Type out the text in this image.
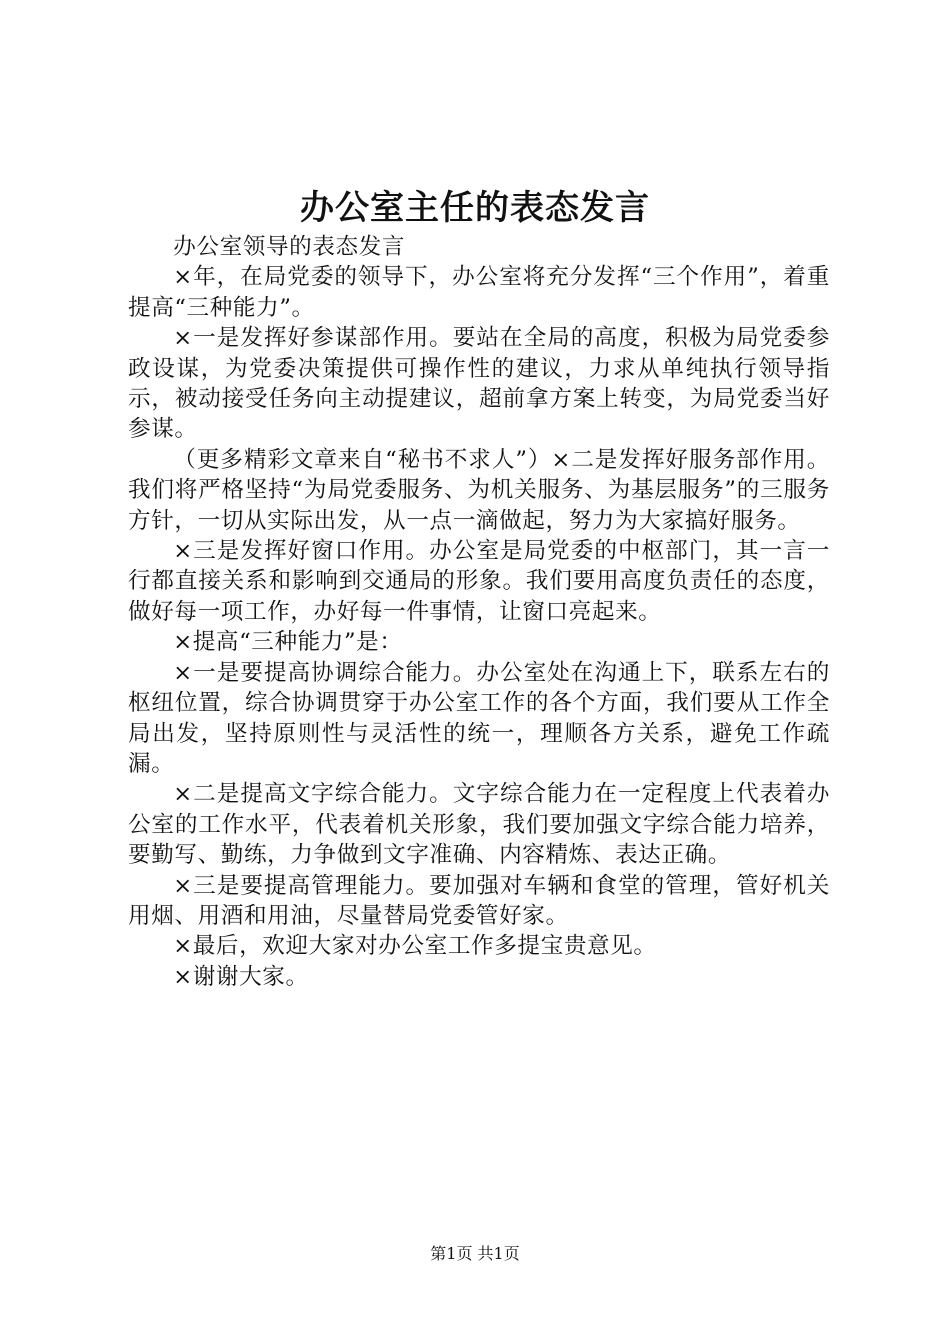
办公室主任的表态发言

办公室领导的表态发言

×年，在局党委的领导下，办公室将充分发挥“三个作用”，着重提高“三种能力”。

×一是发挥好参谋部作用。要站在全局的高度，积极为局党委参政设谋，为党委决策提供可操作性的建议，力求从单纯执行领导指示，被动接受任务向主动提建议，超前拿方案上转变，为局党委当好参谋。

（更多精彩文章来自“秘书不求人”）×二是发挥好服务部作用。我们将严格坚持“为局党委服务、为机关服务、为基层服务”的三服务方针，一切从实际出发，从一点一滴做起，努力为大家搞好服务。

×三是发挥好窗口作用。办公室是局党委的中枢部门，其一言一行都直接关系和影响到交通局的形象。我们要用高度负责任的态度，做好每一项工作，办好每一件事情，让窗口亮起来。

×提高“三种能力”是：

×一是要提高协调综合能力。办公室处在沟通上下，联系左右的枢纽位置，综合协调贯穿于办公室工作的各个方面，我们要从工作全局出发，坚持原则性与灵活性的统一，理顺各方关系，避免工作疏漏。

×二是提高文字综合能力。文字综合能力在一定程度上代表着办公室的工作水平，代表着机关形象，我们要加强文字综合能力培养，要勤写、勤练，力争做到文字准确、内容精炼、表达正确。

×三是要提高管理能力。要加强对车辆和食堂的管理，管好机关用烟、用酒和用油，尽量替局党委管好家。

×最后，欢迎大家对办公室工作多提宝贵意见。

×谢谢大家。

第1页 共1页
